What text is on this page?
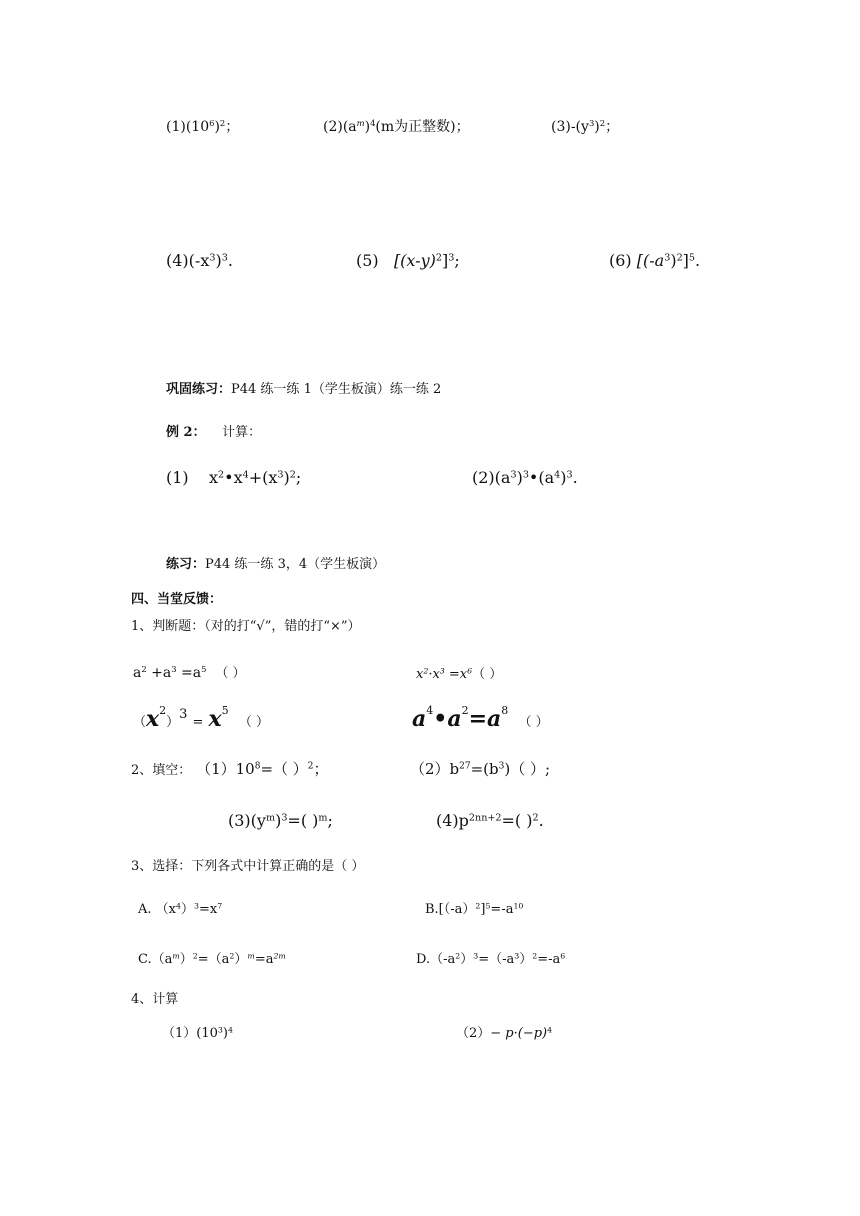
$(1)(10^6)^2$；	$(2)(a^m)^4(m$为正整数)；	$(3)-(y^3)^2$；
$(4)(-x^3)^3$.	(5) $[(x-y)^2]^3$;	(6) $[(-a^3)^2]^5$.
巩固练习：P44 练一练 1（学生板演）练一练 2
例 2： 计算：
(1) $x^2•x^4+(x^3)^2$;	$(2)(a^3)^3•(a^4)^3$.
练习：P44 练一练 3，4（学生板演）
四、当堂反馈：
1、判断题：（对的打“√”，错的打“×”）
$a^2 +a^3 =a^5$ （ ）	$x^2\cdot x^3 =x^6$（ ）
$(x^2)^3 = x^5$  （ ）	$a^4•a^2=a^8$  （ ）
2、填空： $(1)10^8=$（ ）$^2$；	$(2)b^{27}=(b^3)$（ ）;
$(3)(y^m)^3=$( )$^m$;	$(4)p^{2nn+2}=$( )$^2$.
3、选择：下列各式中计算正确的是（ ）
A. $(x^4)^3=x^7$	$B.[(-a)^2]^5=-a^{10}$
$C.(a^m)^2=(a^2)^m=a^{2m}$	$D.(-a^2)^3=(-a^3)^2=-a^6$
4、计算
$(1)(10^3)^4$	$(2)- p\cdot(-p)^4$
